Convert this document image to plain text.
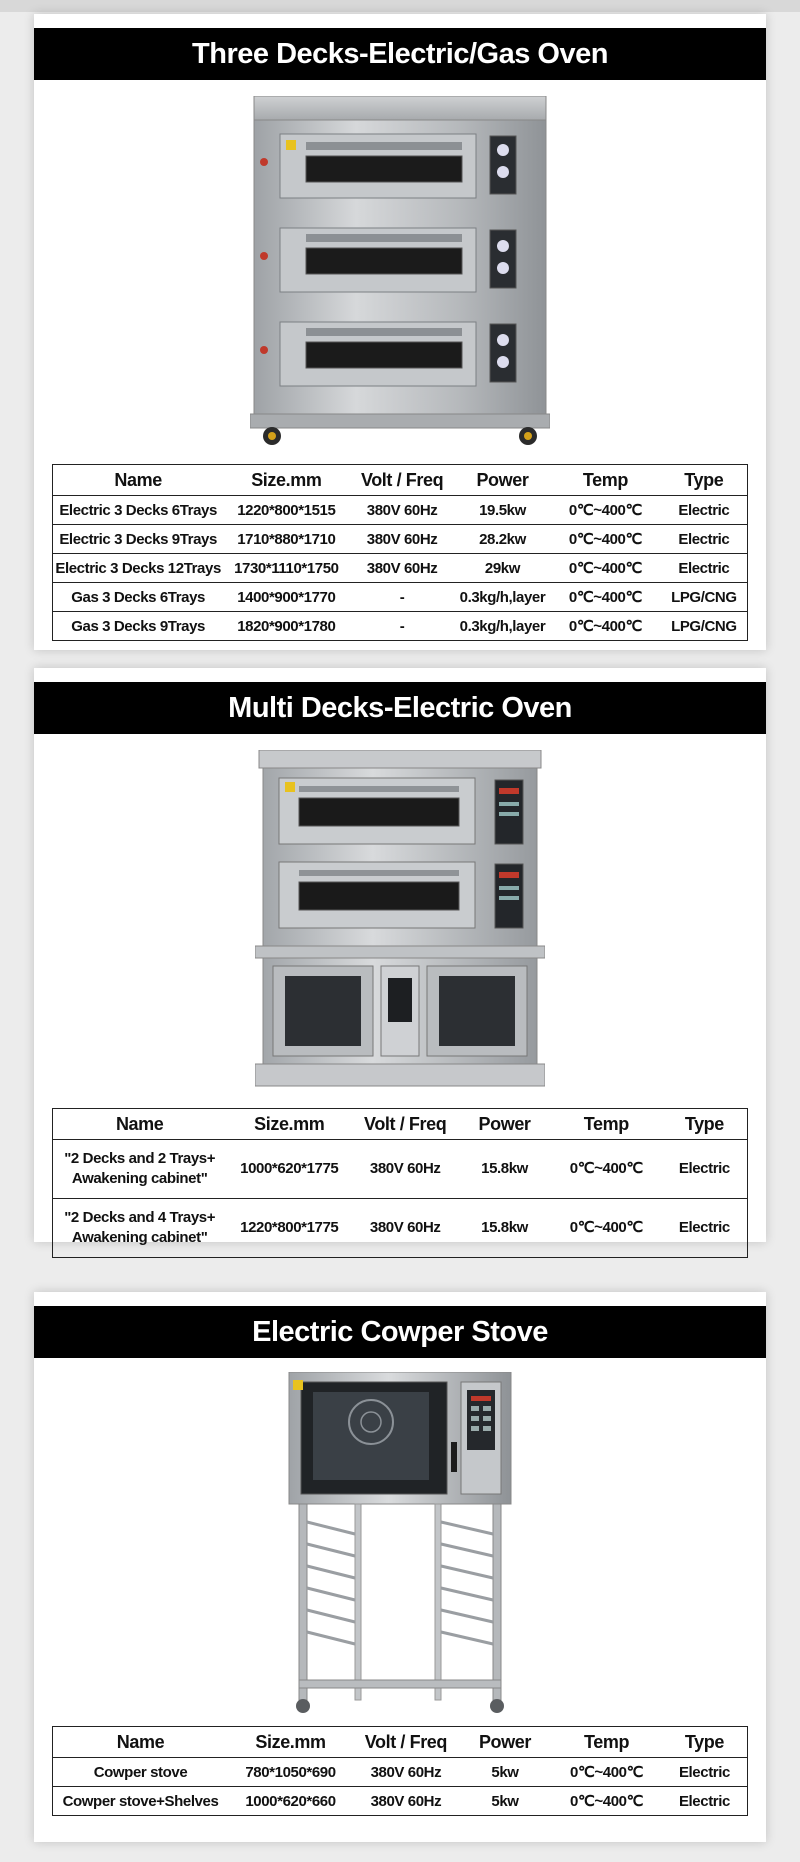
Three Decks-Electric/Gas Oven
Name	Size.mm	Volt / Freq	Power	Temp	Type
Electric 3 Decks 6Trays	1220*800*1515	380V 60Hz	19.5kw	0℃~400℃	Electric
Electric 3 Decks 9Trays	1710*880*1710	380V 60Hz	28.2kw	0℃~400℃	Electric
Electric 3 Decks 12Trays	1730*1110*1750	380V 60Hz	29kw	0℃~400℃	Electric
Gas 3 Decks 6Trays	1400*900*1770	-	0.3kg/h,layer	0℃~400℃	LPG/CNG
Gas 3 Decks 9Trays	1820*900*1780	-	0.3kg/h,layer	0℃~400℃	LPG/CNG
Multi Decks-Electric Oven
Name	Size.mm	Volt / Freq	Power	Temp	Type
"2 Decks and 2 Trays+ Awakening cabinet"	1000*620*1775	380V 60Hz	15.8kw	0℃~400℃	Electric
"2 Decks and 4 Trays+ Awakening cabinet"	1220*800*1775	380V 60Hz	15.8kw	0℃~400℃	Electric
Electric Cowper Stove
Name	Size.mm	Volt / Freq	Power	Temp	Type
Cowper stove	780*1050*690	380V 60Hz	5kw	0℃~400℃	Electric
Cowper stove+Shelves	1000*620*660	380V 60Hz	5kw	0℃~400℃	Electric
